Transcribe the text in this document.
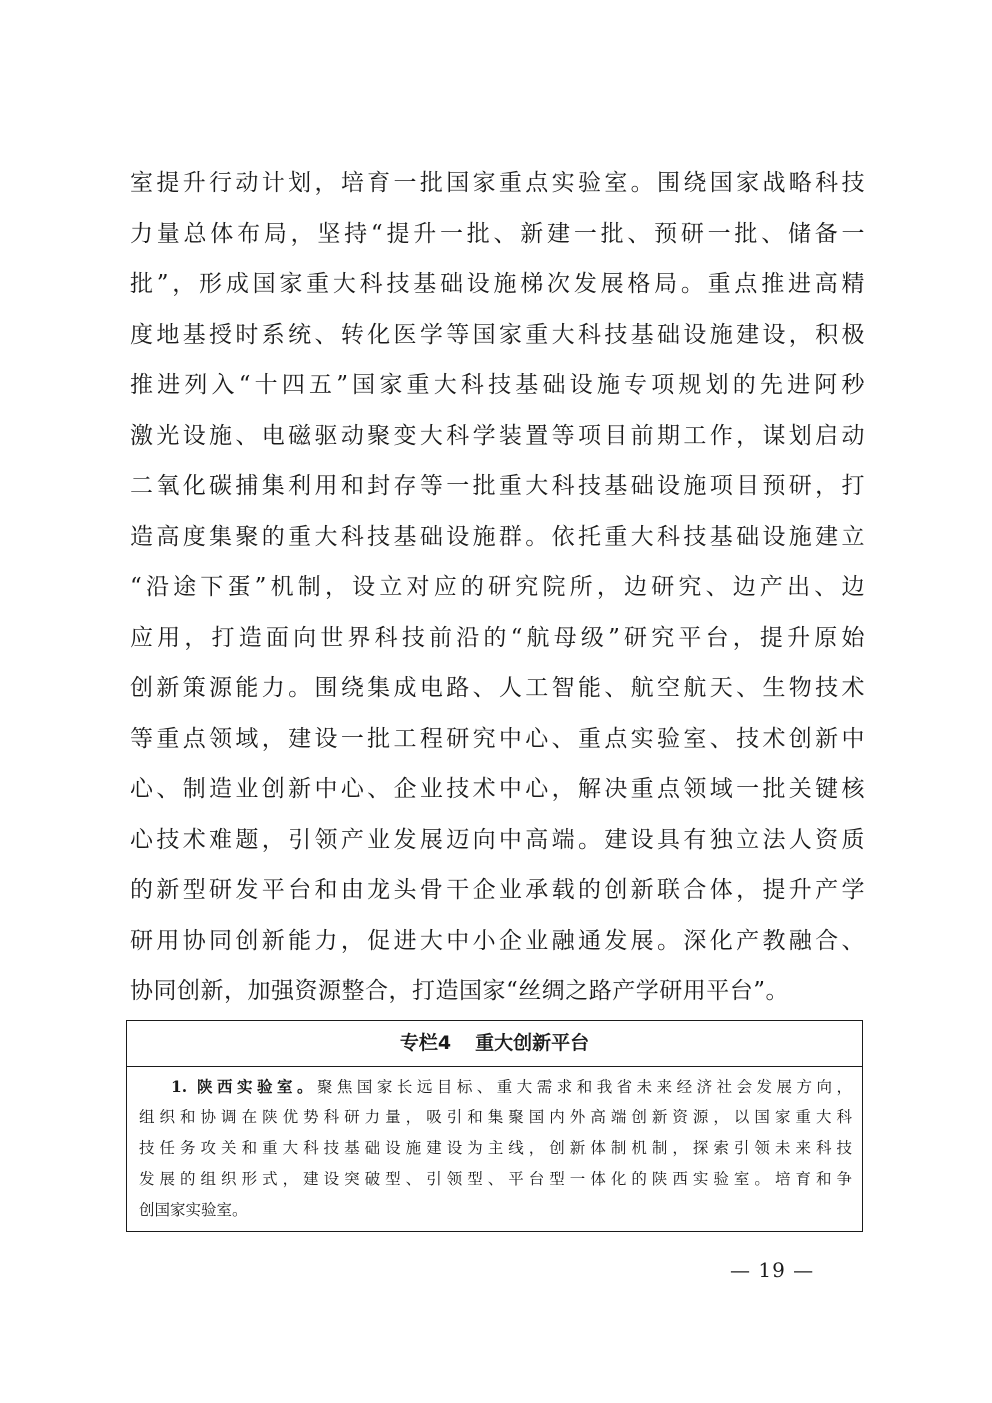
室提升行动计划，培育一批国家重点实验室。围绕国家战略科技
力量总体布局，坚持“提升一批、新建一批、预研一批、储备一
批”，形成国家重大科技基础设施梯次发展格局。重点推进高精
度地基授时系统、转化医学等国家重大科技基础设施建设，积极
推进列入“十四五”国家重大科技基础设施专项规划的先进阿秒
激光设施、电磁驱动聚变大科学装置等项目前期工作，谋划启动
二氧化碳捕集利用和封存等一批重大科技基础设施项目预研，打
造高度集聚的重大科技基础设施群。依托重大科技基础设施建立
“沿途下蛋”机制，设立对应的研究院所，边研究、边产出、边
应用，打造面向世界科技前沿的“航母级”研究平台，提升原始
创新策源能力。围绕集成电路、人工智能、航空航天、生物技术
等重点领域，建设一批工程研究中心、重点实验室、技术创新中
心、制造业创新中心、企业技术中心，解决重点领域一批关键核
心技术难题，引领产业发展迈向中高端。建设具有独立法人资质
的新型研发平台和由龙头骨干企业承载的创新联合体，提升产学
研用协同创新能力，促进大中小企业融通发展。深化产教融合、
协同创新，加强资源整合，打造国家“丝绸之路产学研用平台”。
专栏4 重大创新平台
1. 陕西实验室。聚焦国家长远目标、重大需求和我省未来经济社会发展方向，
组织和协调在陕优势科研力量，吸引和集聚国内外高端创新资源，以国家重大科
技任务攻关和重大科技基础设施建设为主线，创新体制机制，探索引领未来科技
发展的组织形式，建设突破型、引领型、平台型一体化的陕西实验室。培育和争
创国家实验室。
— 19 —
